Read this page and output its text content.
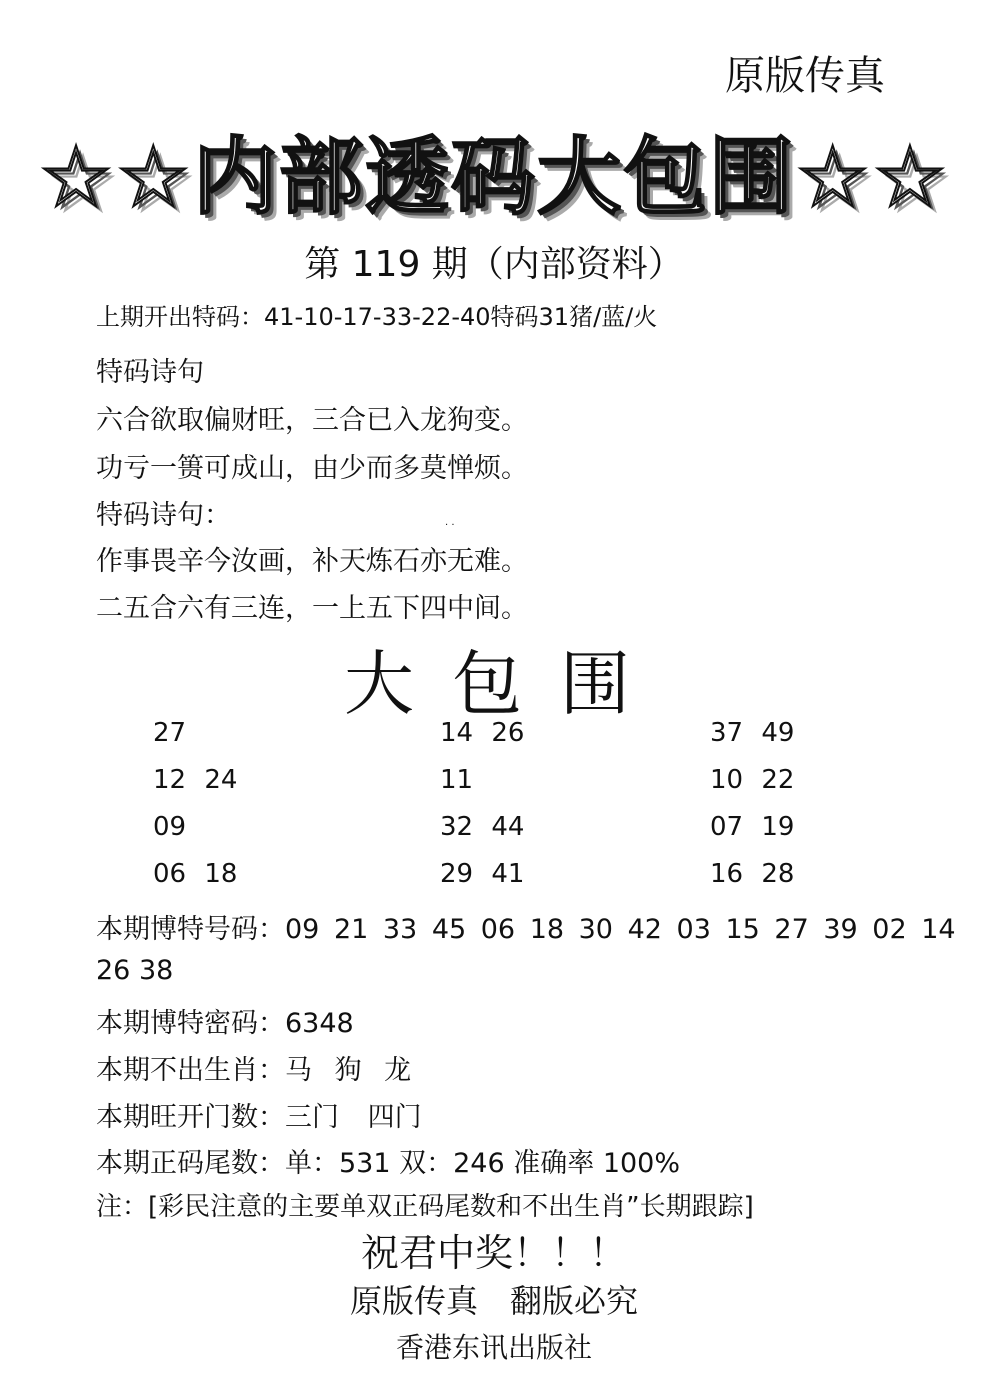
原版传真
☆☆内部透码大包围☆☆
第 119 期（内部资料）
上期开出特码：41-10-17-33-22-40特码31猪/蓝/火
特码诗句
六合欲取偏财旺，三合已入龙狗变。
功亏一篑可成山，由少而多莫惮烦。
特码诗句：	. .
作事畏辛今汝画，补天炼石亦无难。
二五合六有三连，一上五下四中间。
大包围
27	14 26	37 49
12 24	11	10 22
09	32 44	07 19
06 18	29 41	16 28
本期博特号码：09 21 33 45 06 18 30 42 03 15 27 39 02 14
26 38
本期博特密码：6348
本期不出生肖：马 狗 龙
本期旺开门数：三门 四门
本期正码尾数：单：531 双：246 准确率 100%
注：[彩民注意的主要单双正码尾数和不出生肖”长期跟踪]
祝君中奖！！！
原版传真　翻版必究
香港东讯出版社
